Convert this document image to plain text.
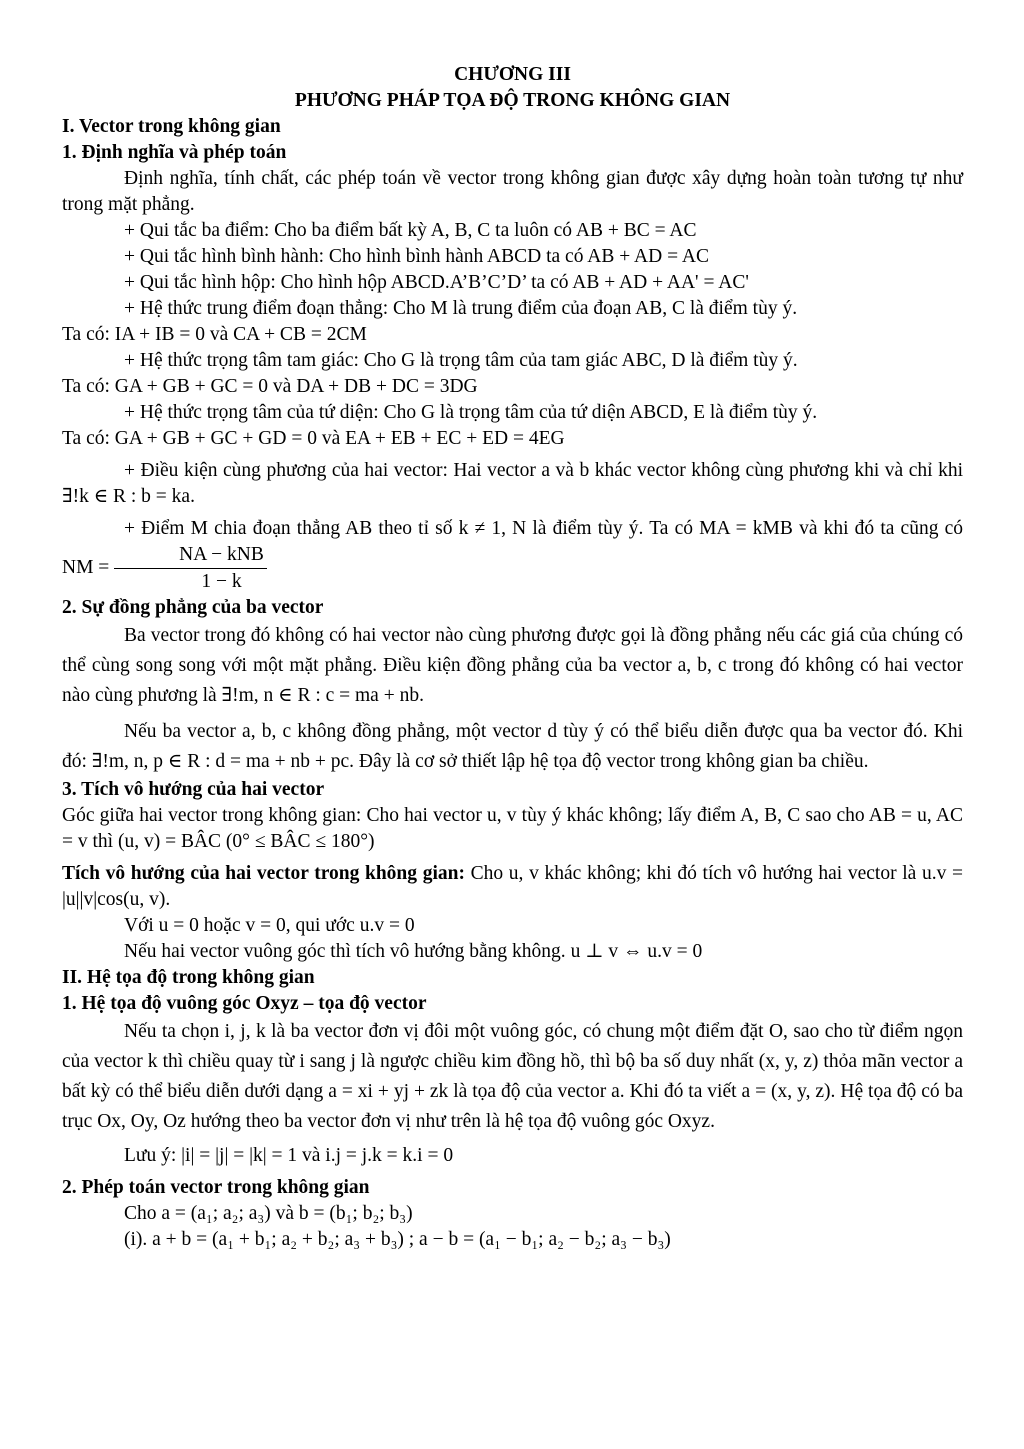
CHƯƠNG III
PHƯƠNG PHÁP TỌA ĐỘ TRONG KHÔNG GIAN
I. Vector trong không gian
1. Định nghĩa và phép toán

Định nghĩa, tính chất, các phép toán về vector trong không gian được xây dựng hoàn toàn tương tự như trong mặt phẳng.

+ Qui tắc ba điểm: Cho ba điểm bất kỳ A, B, C ta luôn có AB + BC = AC

+ Qui tắc hình bình hành: Cho hình bình hành ABCD ta có AB + AD = AC

+ Qui tắc hình hộp: Cho hình hộp ABCD.A’B’C’D’ ta có AB + AD + AA' = AC'

+ Hệ thức trung điểm đoạn thẳng: Cho M là trung điểm của đoạn AB, C là điểm tùy ý.

Ta có: IA + IB = 0 và CA + CB = 2CM

+ Hệ thức trọng tâm tam giác: Cho G là trọng tâm của tam giác ABC, D là điểm tùy ý.

Ta có: GA + GB + GC = 0 và DA + DB + DC = 3DG

+ Hệ thức trọng tâm của tứ diện: Cho G là trọng tâm của tứ diện ABCD, E là điểm tùy ý.

Ta có: GA + GB + GC + GD = 0 và EA + EB + EC + ED = 4EG

+ Điều kiện cùng phương của hai vector: Hai vector a và b khác vector không cùng phương khi và chỉ khi ∃!k ∈ R : b = ka.

+ Điểm M chia đoạn thẳng AB theo tỉ số k ≠ 1, N là điểm tùy ý. Ta có MA = kMB và khi đó ta cũng có NM = $\frac{\text{NA − kNB}}{1 - k}$

2. Sự đồng phẳng của ba vector

Ba vector trong đó không có hai vector nào cùng phương được gọi là đồng phẳng nếu các giá của chúng có thể cùng song song với một mặt phẳng. Điều kiện đồng phẳng của ba vector a, b, c trong đó không có hai vector nào cùng phương là ∃!m, n ∈ R : c = ma + nb.

Nếu ba vector a, b, c không đồng phẳng, một vector d tùy ý có thể biểu diễn được qua ba vector đó. Khi đó: ∃!m, n, p ∈ R : d = ma + nb + pc. Đây là cơ sở thiết lập hệ tọa độ vector trong không gian ba chiều.

3. Tích vô hướng của hai vector

Góc giữa hai vector trong không gian: Cho hai vector u, v tùy ý khác không; lấy điểm A, B, C sao cho AB = u, AC = v thì (u, v) = BÂC (0° ≤ BÂC ≤ 180°)

Tích vô hướng của hai vector trong không gian: Cho u, v khác không; khi đó tích vô hướng hai vector là u.v = |u||v|cos(u, v).

Với u = 0 hoặc v = 0, qui ước u.v = 0

Nếu hai vector vuông góc thì tích vô hướng bằng không. u ⊥ v ⇔ u.v = 0

II. Hệ tọa độ trong không gian
1. Hệ tọa độ vuông góc Oxyz – tọa độ vector

Nếu ta chọn i, j, k là ba vector đơn vị đôi một vuông góc, có chung một điểm đặt O, sao cho từ điểm ngọn của vector k thì chiều quay từ i sang j là ngược chiều kim đồng hồ, thì bộ ba số duy nhất (x, y, z) thỏa mãn vector a bất kỳ có thể biểu diễn dưới dạng a = xi + yj + zk là tọa độ của vector a. Khi đó ta viết a = (x, y, z). Hệ tọa độ có ba trục Ox, Oy, Oz hướng theo ba vector đơn vị như trên là hệ tọa độ vuông góc Oxyz.

Lưu ý: |i| = |j| = |k| = 1 và i.j = j.k = k.i = 0

2. Phép toán vector trong không gian

Cho a = (a₁; a₂; a₃) và b = (b₁; b₂; b₃)

(i). a + b = (a₁ + b₁; a₂ + b₂; a₃ + b₃) ; a − b = (a₁ − b₁; a₂ − b₂; a₃ − b₃)
